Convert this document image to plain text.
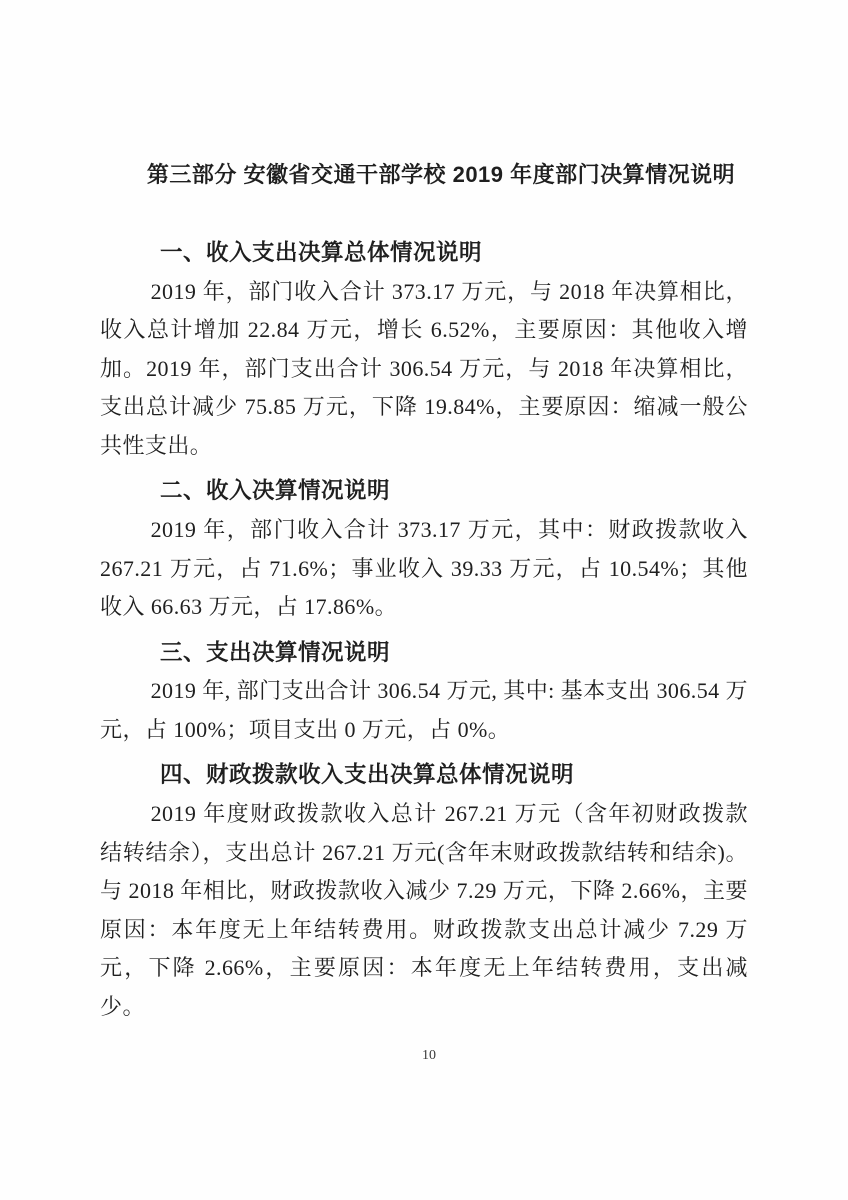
第三部分 安徽省交通干部学校 2019 年度部门决算情况说明
一、收入支出决算总体情况说明

2019 年，部门收入合计 373.17 万元，与 2018 年决算相比，收入总计增加 22.84 万元，增长 6.52%，主要原因：其他收入增加。2019 年，部门支出合计 306.54 万元，与 2018 年决算相比，支出总计减少 75.85 万元，下降 19.84%，主要原因：缩减一般公共性支出。

二、收入决算情况说明

2019 年，部门收入合计 373.17 万元，其中：财政拨款收入 267.21 万元，占 71.6%；事业收入 39.33 万元，占 10.54%；其他收入 66.63 万元，占 17.86%。

三、支出决算情况说明

2019 年, 部门支出合计 306.54 万元, 其中: 基本支出 306.54 万元，占 100%；项目支出 0 万元，占 0%。

四、财政拨款收入支出决算总体情况说明

2019 年度财政拨款收入总计 267.21 万元（含年初财政拨款结转结余），支出总计 267.21 万元(含年末财政拨款结转和结余)。与 2018 年相比，财政拨款收入减少 7.29 万元，下降 2.66%，主要原因：本年度无上年结转费用。财政拨款支出总计减少 7.29 万元，下降 2.66%，主要原因：本年度无上年结转费用，支出减少。

10
